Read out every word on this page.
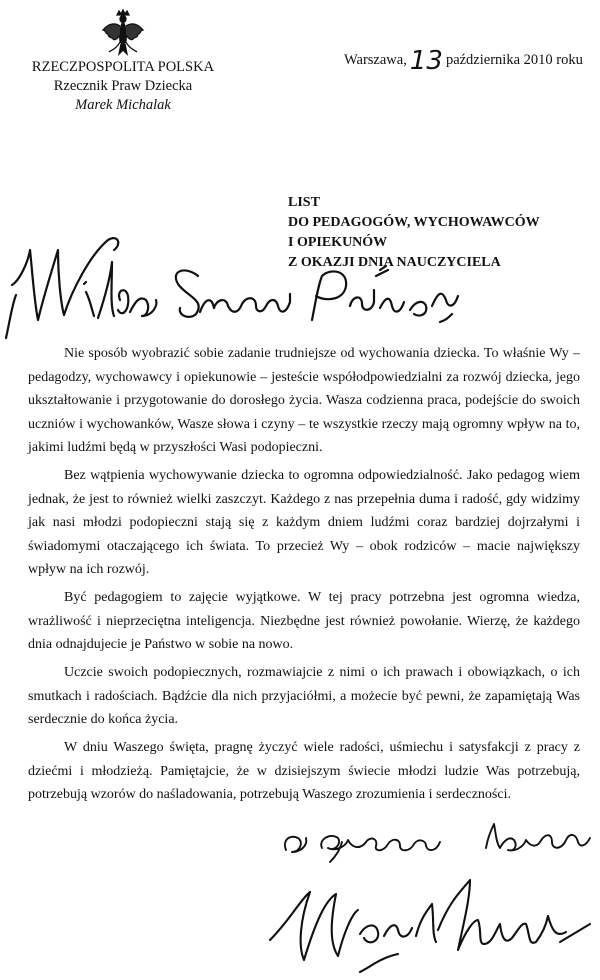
RZECZPOSPOLITA POLSKA
Rzecznik Praw Dziecka
Marek Michalak
Warszawa, 13 października 2010 roku
LIST
DO PEDAGOGÓW, WYCHOWAWCÓW
I OPIEKUNÓW
Z OKAZJI DNIA NAUCZYCIELA

Nie sposób wyobrazić sobie zadanie trudniejsze od wychowania dziecka. To właśnie Wy – pedagodzy, wychowawcy i opiekunowie – jesteście współodpowiedzialni za rozwój dziecka, jego ukształtowanie i przygotowanie do dorosłego życia. Wasza codzienna praca, podejście do swoich uczniów i wychowanków, Wasze słowa i czyny – te wszystkie rzeczy mają ogromny wpływ na to, jakimi ludźmi będą w przyszłości Wasi podopieczni.

Bez wątpienia wychowywanie dziecka to ogromna odpowiedzialność. Jako pedagog wiem jednak, że jest to również wielki zaszczyt. Każdego z nas przepełnia duma i radość, gdy widzimy jak nasi młodzi podopieczni stają się z każdym dniem ludźmi coraz bardziej dojrzałymi i świadomymi otaczającego ich świata. To przecież Wy – obok rodziców – macie największy wpływ na ich rozwój.

Być pedagogiem to zajęcie wyjątkowe. W tej pracy potrzebna jest ogromna wiedza, wrażliwość i nieprzeciętna inteligencja. Niezbędne jest również powołanie. Wierzę, że każdego dnia odnajdujecie je Państwo w sobie na nowo.

Uczcie swoich podopiecznych, rozmawiajcie z nimi o ich prawach i obowiązkach, o ich smutkach i radościach. Bądźcie dla nich przyjaciółmi, a możecie być pewni, że zapamiętają Was serdecznie do końca życia.

W dniu Waszego święta, pragnę życzyć wiele radości, uśmiechu i satysfakcji z pracy z dziećmi i młodzieżą. Pamiętajcie, że w dzisiejszym świecie młodzi ludzie Was potrzebują, potrzebują wzorów do naśladowania, potrzebują Waszego zrozumienia i serdeczności.
